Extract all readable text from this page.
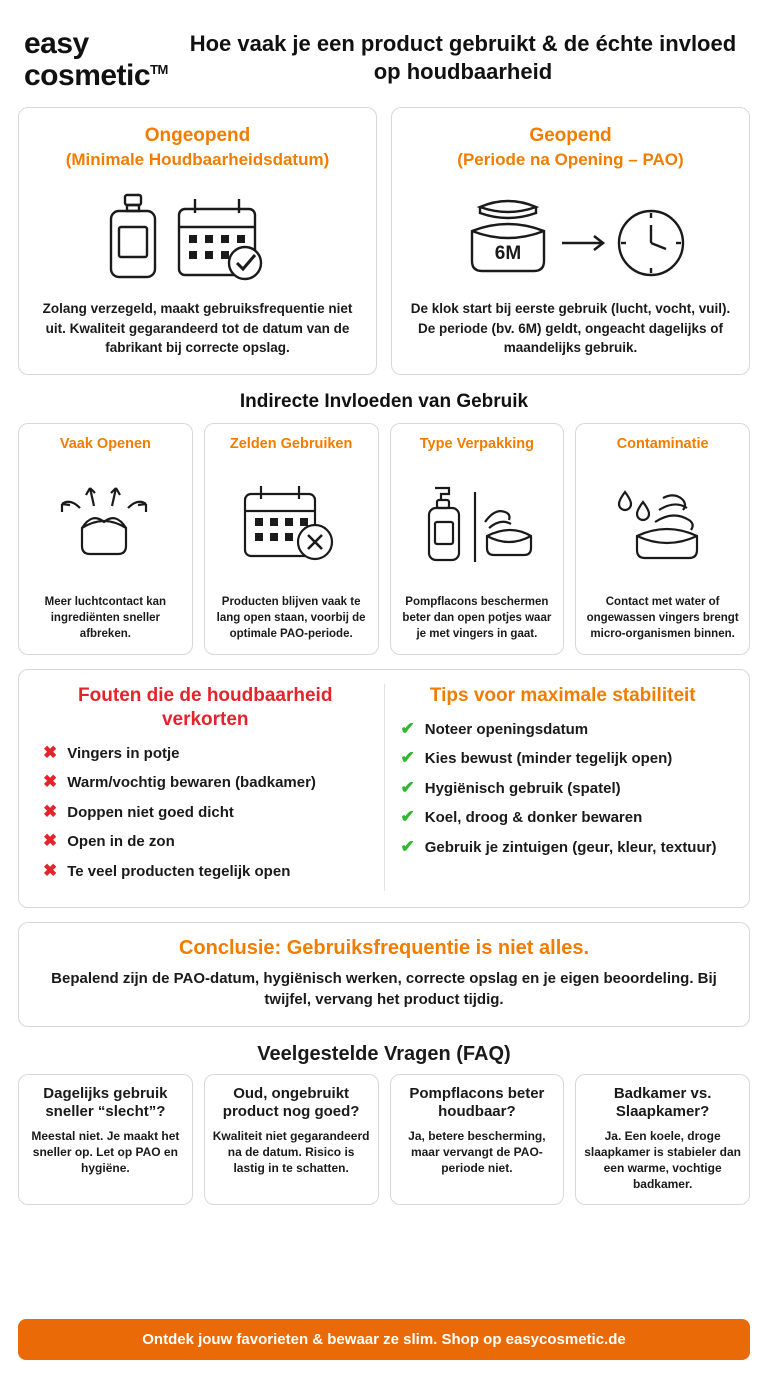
easy
cosmetic™
Hoe vaak je een product gebruikt & de échte invloed op houdbaarheid
Ongeopend
(Minimale Houdbaarheidsdatum)
Zolang verzegeld, maakt gebruiksfrequentie niet uit. Kwaliteit gegarandeerd tot de datum van de fabrikant bij correcte opslag.
Geopend
(Periode na Opening – PAO)
6M
De klok start bij eerste gebruik (lucht, vocht, vuil). De periode (bv. 6M) geldt, ongeacht dagelijks of maandelijks gebruik.
Indirecte Invloeden van Gebruik
Vaak Openen
Meer luchtcontact kan ingrediënten sneller afbreken.
Zelden Gebruiken
Producten blijven vaak te lang open staan, voorbij de optimale PAO-periode.
Type Verpakking
Pompflacons beschermen beter dan open potjes waar je met vingers in gaat.
Contaminatie
Contact met water of ongewassen vingers brengt micro-organismen binnen.
Fouten die de houdbaarheid verkorten
✖ Vingers in potje
✖ Warm/vochtig bewaren (badkamer)
✖ Doppen niet goed dicht
✖ Open in de zon
✖ Te veel producten tegelijk open
Tips voor maximale stabiliteit
✔ Noteer openingsdatum
✔ Kies bewust (minder tegelijk open)
✔ Hygiënisch gebruik (spatel)
✔ Koel, droog & donker bewaren
✔ Gebruik je zintuigen (geur, kleur, textuur)
Conclusie: Gebruiksfrequentie is niet alles.
Bepalend zijn de PAO-datum, hygiënisch werken, correcte opslag en je eigen beoordeling. Bij twijfel, vervang het product tijdig.
Veelgestelde Vragen (FAQ)
Dagelijks gebruik sneller “slecht”?
Meestal niet. Je maakt het sneller op. Let op PAO en hygiëne.
Oud, ongebruikt product nog goed?
Kwaliteit niet gegarandeerd na de datum. Risico is lastig in te schatten.
Pompflacons beter houdbaar?
Ja, betere bescherming, maar vervangt de PAO-periode niet.
Badkamer vs. Slaapkamer?
Ja. Een koele, droge slaapkamer is stabieler dan een warme, vochtige badkamer.
Ontdek jouw favorieten & bewaar ze slim. Shop op easycosmetic.de
